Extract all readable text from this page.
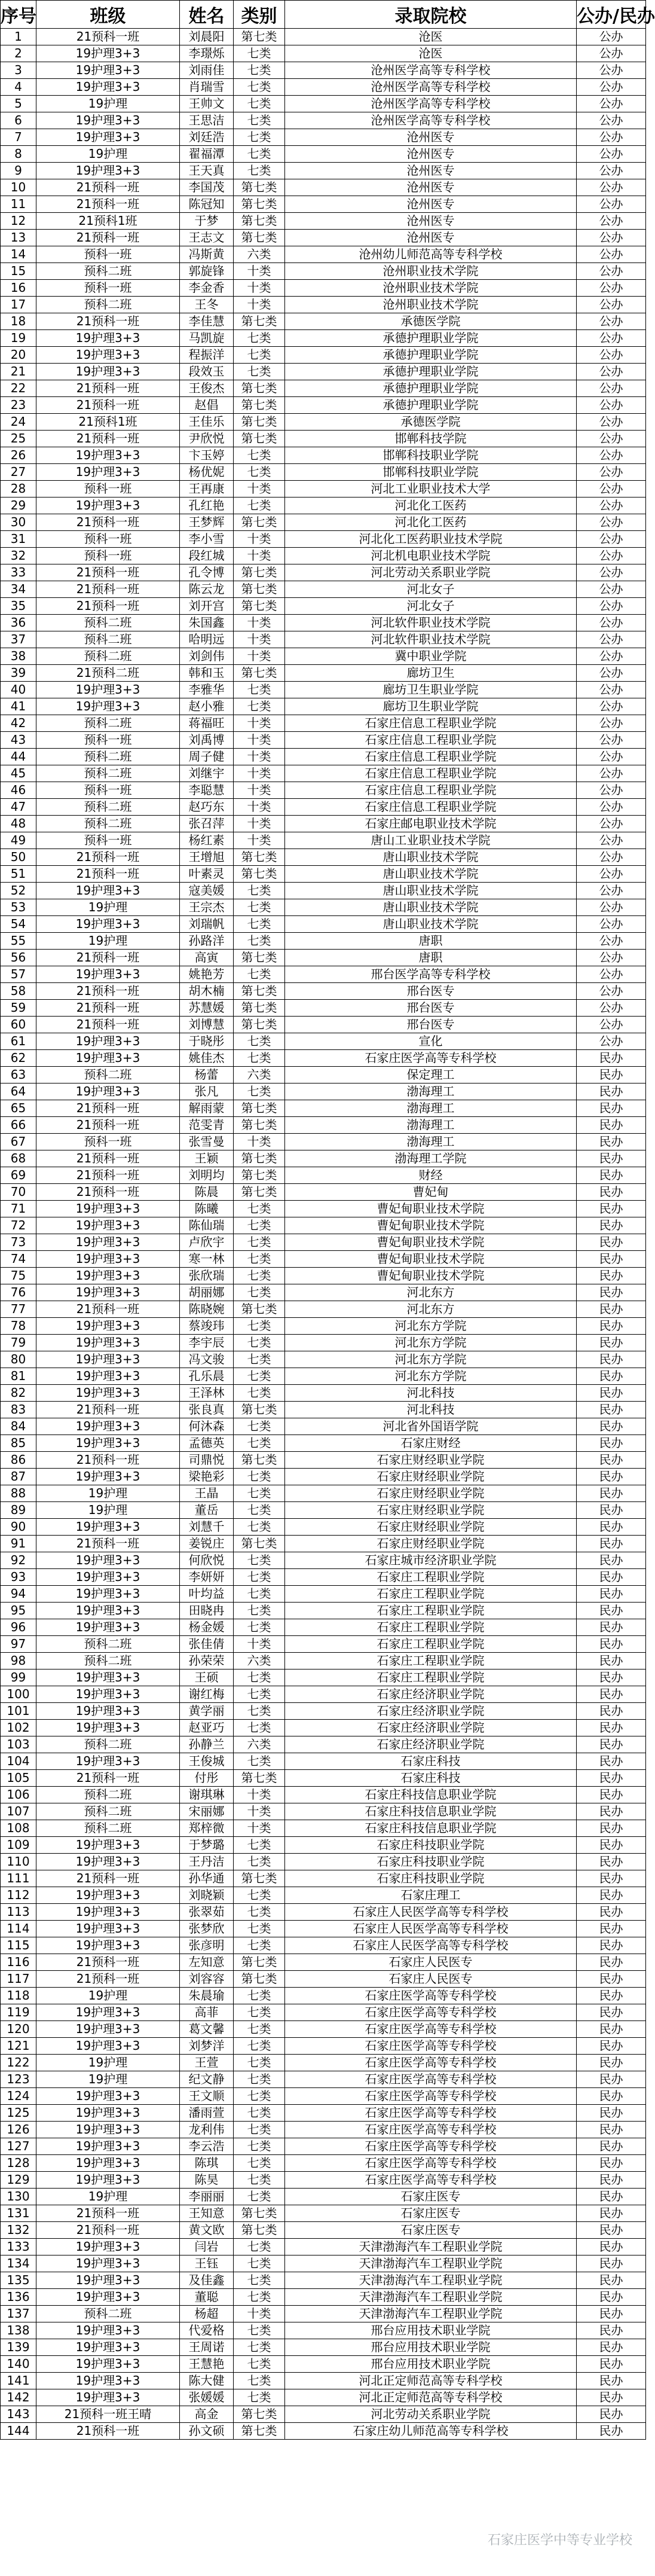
序号	班级	姓名	类别	录取院校	公办/民办
1	21预科一班	刘晨阳	第七类	沧医	公办
2	19护理3+3	李璟烁	七类	沧医	公办
3	19护理3+3	刘雨佳	七类	沧州医学高等专科学校	公办
4	19护理3+3	肖瑞雪	七类	沧州医学高等专科学校	公办
5	19护理	王帅文	七类	沧州医学高等专科学校	公办
6	19护理3+3	王思洁	七类	沧州医学高等专科学校	公办
7	19护理3+3	刘廷浩	七类	沧州医专	公办
8	19护理	翟福潭	七类	沧州医专	公办
9	19护理3+3	王天真	七类	沧州医专	公办
10	21预科一班	李国茂	第七类	沧州医专	公办
11	21预科一班	陈冠知	第七类	沧州医专	公办
12	21预科1班	于梦	第七类	沧州医专	公办
13	21预科一班	王志文	第七类	沧州医专	公办
14	预科一班	冯斯黄	六类	沧州幼儿师范高等专科学校	公办
15	预科二班	郭旋锋	十类	沧州职业技术学院	公办
16	预科一班	李金香	十类	沧州职业技术学院	公办
17	预科二班	王冬	十类	沧州职业技术学院	公办
18	21预科一班	李佳慧	第七类	承德医学院	公办
19	19护理3+3	马凯旋	七类	承德护理职业学院	公办
20	19护理3+3	程振洋	七类	承德护理职业学院	公办
21	19护理3+3	段效玉	七类	承德护理职业学院	公办
22	21预科一班	王俊杰	第七类	承德护理职业学院	公办
23	21预科一班	赵倡	第七类	承德护理职业学院	公办
24	21预科1班	王佳乐	第七类	承德医学院	公办
25	21预科一班	尹欣悦	第七类	邯郸科技学院	公办
26	19护理3+3	卞玉婷	七类	邯郸科技职业学院	公办
27	19护理3+3	杨优妮	七类	邯郸科技职业学院	公办
28	预科一班	王再康	十类	河北工业职业技术大学	公办
29	19护理3+3	孔红艳	七类	河北化工医药	公办
30	21预科一班	王梦辉	第七类	河北化工医药	公办
31	预科一班	李小雪	十类	河北化工医药职业技术学院	公办
32	预科一班	段红城	十类	河北机电职业技术学院	公办
33	21预科一班	孔令博	第七类	河北劳动关系职业学院	公办
34	21预科一班	陈云龙	第七类	河北女子	公办
35	21预科一班	刘开宫	第七类	河北女子	公办
36	预科二班	朱国鑫	十类	河北软件职业技术学院	公办
37	预科二班	哈明远	十类	河北软件职业技术学院	公办
38	预科二班	刘剑伟	十类	冀中职业学院	公办
39	21预科二班	韩和玉	第七类	廊坊卫生	公办
40	19护理3+3	李雅华	七类	廊坊卫生职业学院	公办
41	19护理3+3	赵小雅	七类	廊坊卫生职业学院	公办
42	预科二班	蒋福旺	十类	石家庄信息工程职业学院	公办
43	预科一班	刘禹博	十类	石家庄信息工程职业学院	公办
44	预科二班	周子健	十类	石家庄信息工程职业学院	公办
45	预科二班	刘继宇	十类	石家庄信息工程职业学院	公办
46	预科一班	李聪慧	十类	石家庄信息工程职业学院	公办
47	预科二班	赵巧东	十类	石家庄信息工程职业学院	公办
48	预科二班	张召萍	十类	石家庄邮电职业技术学院	公办
49	预科一班	杨红素	十类	唐山工业职业技术学院	公办
50	21预科一班	王增旭	第七类	唐山职业技术学院	公办
51	21预科一班	叶素灵	第七类	唐山职业技术学院	公办
52	19护理3+3	寇美媛	七类	唐山职业技术学院	公办
53	19护理	王宗杰	七类	唐山职业技术学院	公办
54	19护理3+3	刘瑞帆	七类	唐山职业技术学院	公办
55	19护理	孙路洋	七类	唐职	公办
56	21预科一班	高寅	第七类	唐职	公办
57	19护理3+3	姚艳芳	七类	邢台医学高等专科学校	公办
58	21预科一班	胡木楠	第七类	邢台医专	公办
59	21预科一班	苏慧媛	第七类	邢台医专	公办
60	21预科一班	刘博慧	第七类	邢台医专	公办
61	19护理3+3	于晓彤	七类	宣化	公办
62	19护理3+3	姚佳杰	七类	石家庄医学高等专科学校	民办
63	预科二班	杨蕾	六类	保定理工	民办
64	19护理3+3	张凡	七类	渤海理工	民办
65	21预科一班	解雨蒙	第七类	渤海理工	民办
66	21预科一班	范雯青	第七类	渤海理工	民办
67	预科一班	张雪曼	十类	渤海理工	民办
68	21预科一班	王颖	第七类	渤海理工学院	民办
69	21预科一班	刘明均	第七类	财经	民办
70	21预科一班	陈晨	第七类	曹妃甸	民办
71	19护理3+3	陈曦	七类	曹妃甸职业技术学院	民办
72	19护理3+3	陈仙瑞	七类	曹妃甸职业技术学院	民办
73	19护理3+3	卢欣宇	七类	曹妃甸职业技术学院	民办
74	19护理3+3	寒一林	七类	曹妃甸职业技术学院	民办
75	19护理3+3	张欣瑞	七类	曹妃甸职业技术学院	民办
76	19护理3+3	胡丽娜	七类	河北东方	民办
77	21预科一班	陈晓婉	第七类	河北东方	民办
78	19护理3+3	蔡竣玮	七类	河北东方学院	民办
79	19护理3+3	李宇辰	七类	河北东方学院	民办
80	19护理3+3	冯文骏	七类	河北东方学院	民办
81	19护理3+3	孔乐晨	七类	河北东方学院	民办
82	19护理3+3	王泽林	七类	河北科技	民办
83	21预科一班	张良真	第七类	河北科技	民办
84	19护理3+3	何沐森	七类	河北省外国语学院	民办
85	19护理3+3	孟德英	七类	石家庄财经	民办
86	21预科一班	司鼎悦	第七类	石家庄财经职业学院	民办
87	19护理3+3	梁艳彩	七类	石家庄财经职业学院	民办
88	19护理	王晶	七类	石家庄财经职业学院	民办
89	19护理	董岳	七类	石家庄财经职业学院	民办
90	19护理3+3	刘慧千	七类	石家庄财经职业学院	民办
91	21预科一班	姜锐庄	第七类	石家庄财经职业学院	民办
92	19护理3+3	何欣悦	七类	石家庄城市经济职业学院	民办
93	19护理3+3	李妍妍	七类	石家庄工程职业学院	民办
94	19护理3+3	叶均益	七类	石家庄工程职业学院	民办
95	19护理3+3	田晓冉	七类	石家庄工程职业学院	民办
96	19护理3+3	杨金媛	七类	石家庄工程职业学院	民办
97	预科二班	张佳倩	十类	石家庄工程职业学院	民办
98	预科二班	孙荣荣	六类	石家庄工程职业学院	民办
99	19护理3+3	王硕	七类	石家庄工程职业学院	民办
100	19护理3+3	谢红梅	七类	石家庄经济职业学院	民办
101	19护理3+3	黄学丽	七类	石家庄经济职业学院	民办
102	19护理3+3	赵亚巧	七类	石家庄经济职业学院	民办
103	预科二班	孙静兰	六类	石家庄经济职业学院	民办
104	19护理3+3	王俊城	七类	石家庄科技	民办
105	21预科一班	付彤	第七类	石家庄科技	民办
106	预科二班	谢琪琳	十类	石家庄科技信息职业学院	民办
107	预科二班	宋丽娜	十类	石家庄科技信息职业学院	民办
108	预科二班	郑梓微	十类	石家庄科技信息职业学院	民办
109	19护理3+3	于梦璐	七类	石家庄科技职业学院	民办
110	19护理3+3	王丹洁	七类	石家庄科技职业学院	民办
111	21预科一班	孙华通	第七类	石家庄科技职业学院	民办
112	19护理3+3	刘晓颖	七类	石家庄理工	民办
113	19护理3+3	张翠茹	七类	石家庄人民医学高等专科学校	民办
114	19护理3+3	张梦欣	七类	石家庄人民医学高等专科学校	民办
115	19护理3+3	张彦明	七类	石家庄人民医学高等专科学校	民办
116	21预科一班	左知意	第七类	石家庄人民医专	民办
117	21预科一班	刘容容	第七类	石家庄人民医专	民办
118	19护理	朱晨瑜	七类	石家庄医学高等专科学校	民办
119	19护理3+3	高菲	七类	石家庄医学高等专科学校	民办
120	19护理3+3	葛文馨	七类	石家庄医学高等专科学校	民办
121	19护理3+3	刘梦洋	七类	石家庄医学高等专科学校	民办
122	19护理	王萱	七类	石家庄医学高等专科学校	民办
123	19护理	纪文静	七类	石家庄医学高等专科学校	民办
124	19护理3+3	王文顺	七类	石家庄医学高等专科学校	民办
125	19护理3+3	潘雨萱	七类	石家庄医学高等专科学校	民办
126	19护理3+3	龙利伟	七类	石家庄医学高等专科学校	民办
127	19护理3+3	李云浩	七类	石家庄医学高等专科学校	民办
128	19护理3+3	陈琪	七类	石家庄医学高等专科学校	民办
129	19护理3+3	陈昊	七类	石家庄医学高等专科学校	民办
130	19护理	李丽丽	七类	石家庄医专	民办
131	21预科一班	王知意	第七类	石家庄医专	民办
132	21预科一班	黄文欧	第七类	石家庄医专	民办
133	19护理3+3	闫岩	七类	天津渤海汽车工程职业学院	民办
134	19护理3+3	王钰	七类	天津渤海汽车工程职业学院	民办
135	19护理3+3	及佳鑫	七类	天津渤海汽车工程职业学院	民办
136	19护理3+3	董聪	七类	天津渤海汽车工程职业学院	民办
137	预科二班	杨超	十类	天津渤海汽车工程职业学院	民办
138	19护理3+3	代爱格	七类	邢台应用技术职业学院	民办
139	19护理3+3	王周诺	七类	邢台应用技术职业学院	民办
140	19护理3+3	王慧艳	七类	邢台应用技术职业学院	民办
141	19护理3+3	陈大健	七类	河北正定师范高等专科学校	民办
142	19护理3+3	张媛媛	七类	河北正定师范高等专科学校	民办
143	21预科一班王晴	高金	第七类	河北劳动关系职业学院	民办
144	21预科一班	孙文硕	第七类	石家庄幼儿师范高等专科学校	民办
石家庄医学中等专业学校
